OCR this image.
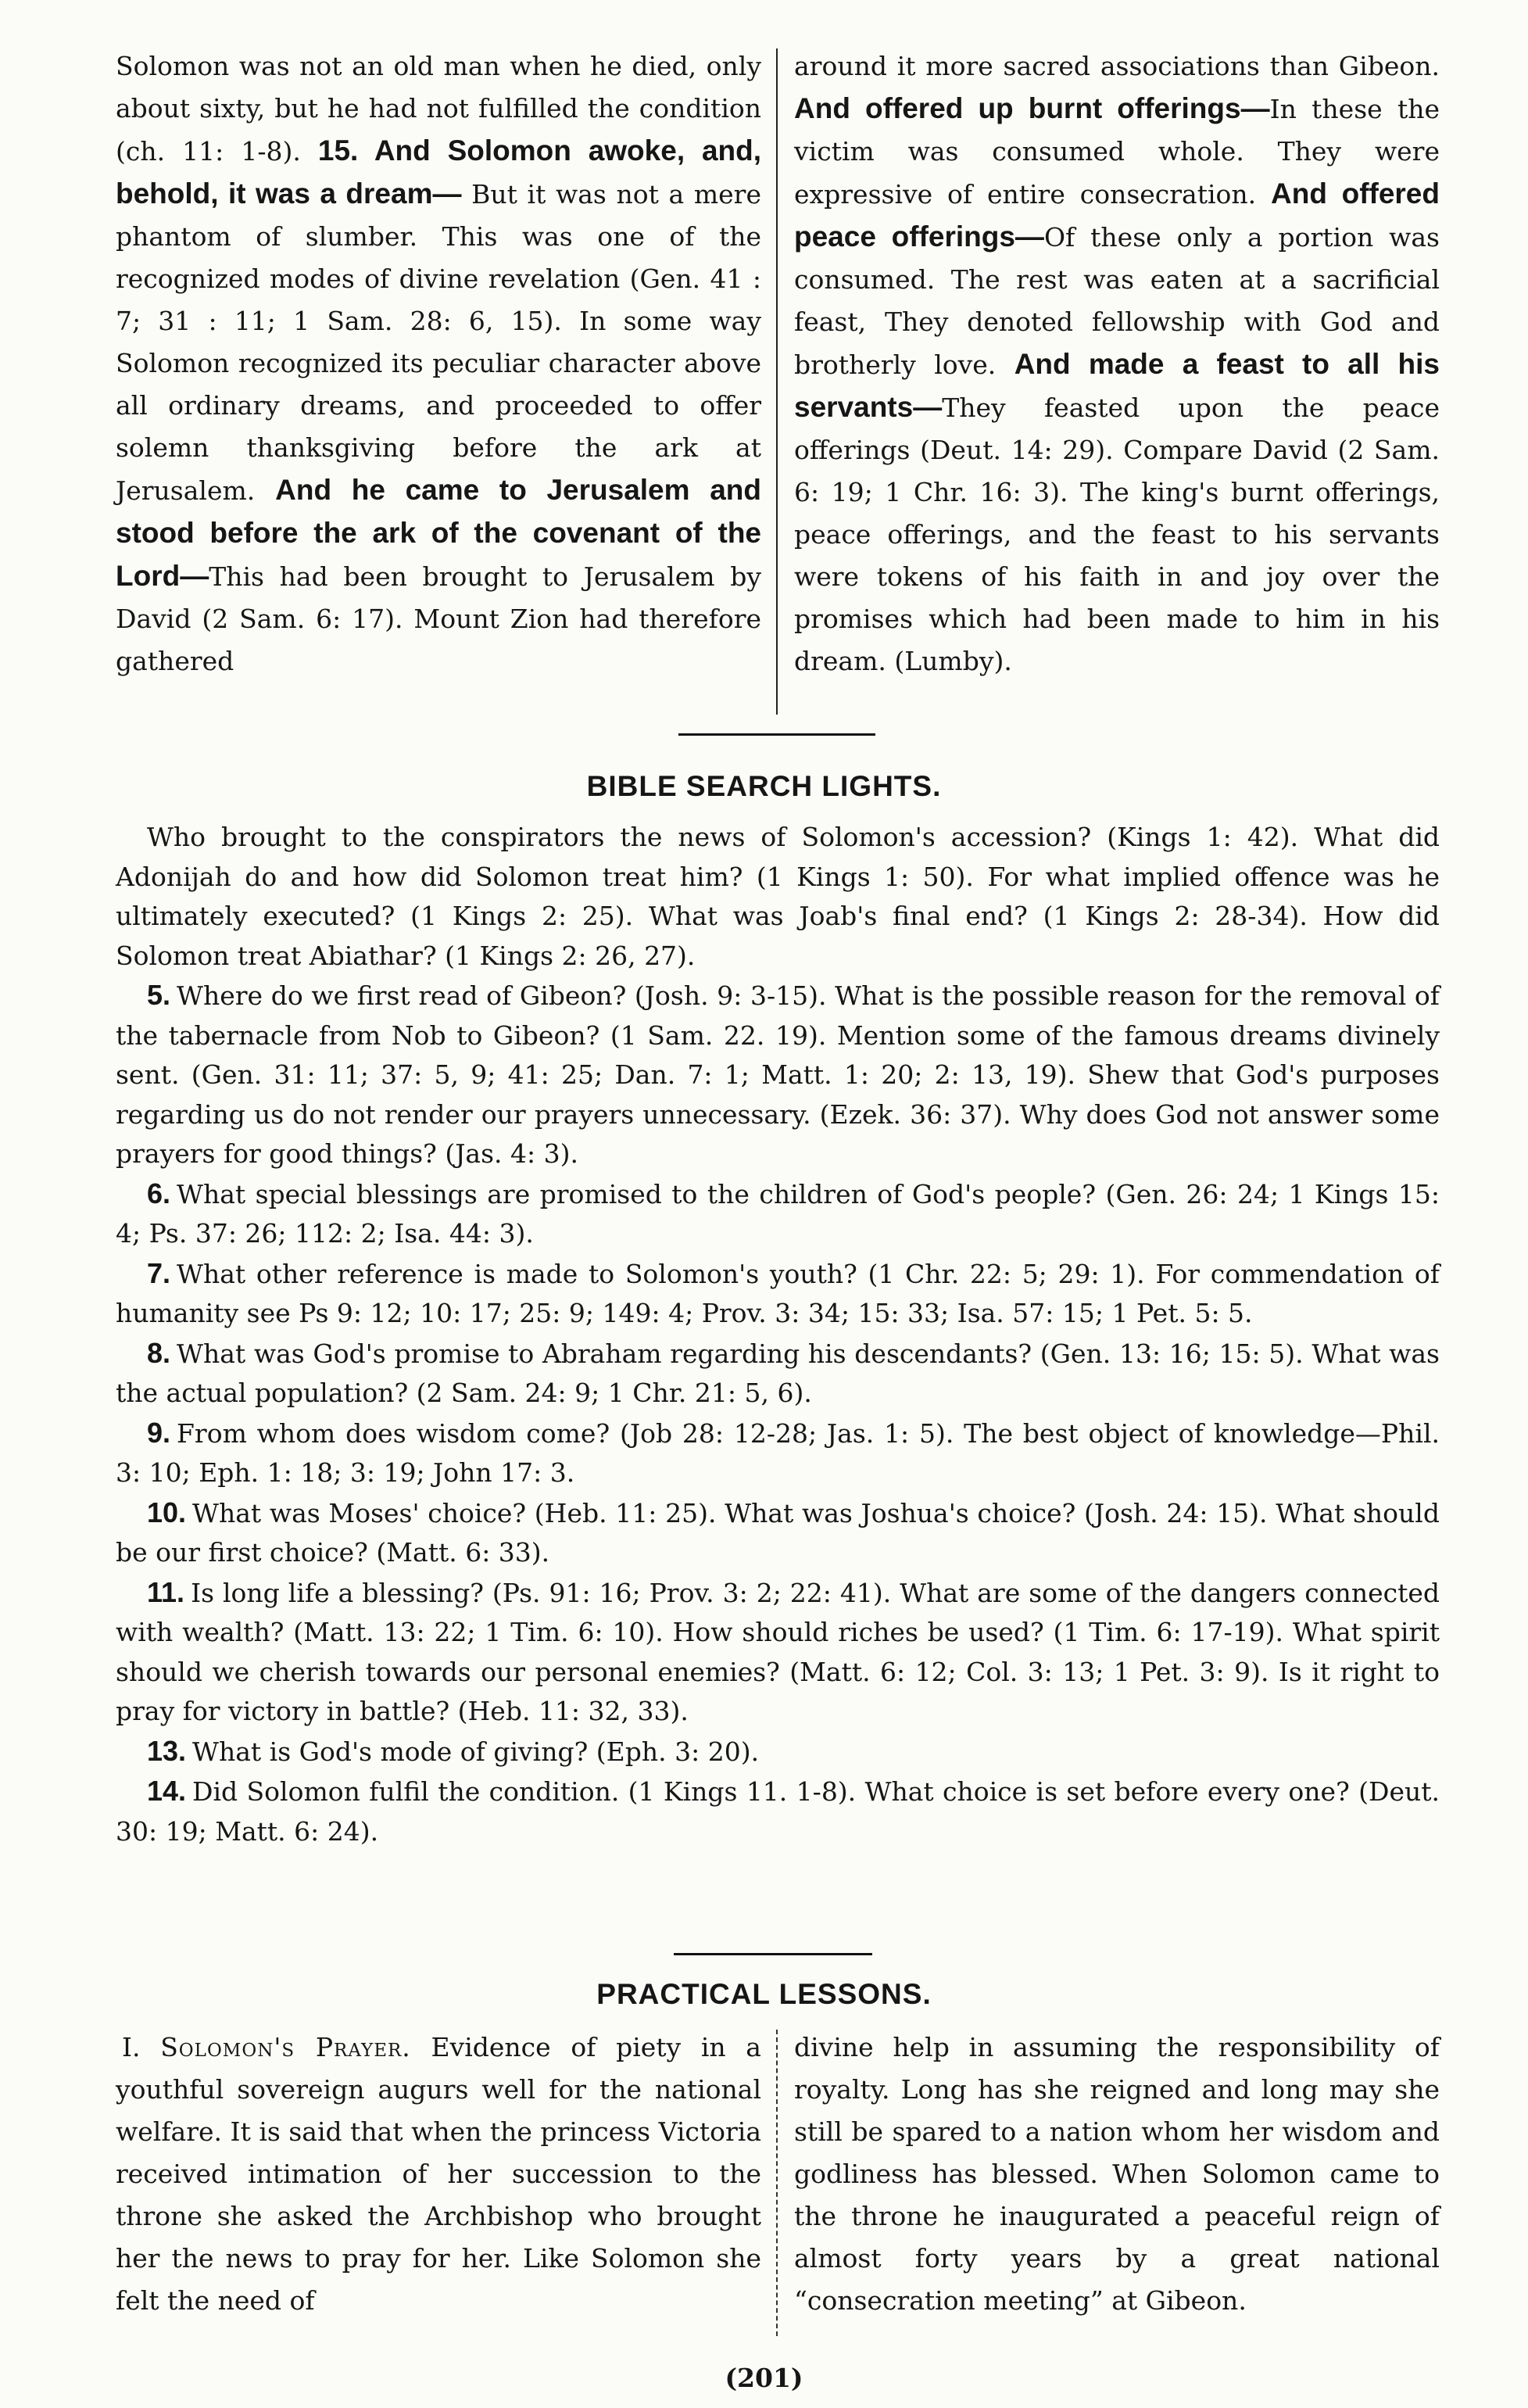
Solomon was not an old man when he died, only about sixty, but he had not fulfilled the condition (ch. 11: 1-8). 15. And Solomon awoke, and, behold, it was a dream— But it was not a mere phantom of slumber. This was one of the recognized modes of divine revelation (Gen. 41 : 7; 31 : 11; 1 Sam. 28: 6, 15). In some way Solomon recognized its peculiar character above all ordinary dreams, and proceeded to offer solemn thanksgiving before the ark at Jerusalem. And he came to Jerusalem and stood before the ark of the covenant of the Lord—This had been brought to Jerusalem by David (2 Sam. 6: 17). Mount Zion had therefore gathered

around it more sacred associations than Gibeon. And offered up burnt offerings—In these the victim was consumed whole. They were expressive of entire consecration. And offered peace offerings—Of these only a portion was consumed. The rest was eaten at a sacrificial feast, They denoted fellowship with God and brotherly love. And made a feast to all his servants—They feasted upon the peace offerings (Deut. 14: 29). Compare David (2 Sam. 6: 19; 1 Chr. 16: 3). The king's burnt offerings, peace offerings, and the feast to his servants were tokens of his faith in and joy over the promises which had been made to him in his dream. (Lumby).

BIBLE SEARCH LIGHTS.

Who brought to the conspirators the news of Solomon's accession? (Kings 1: 42). What did Adonijah do and how did Solomon treat him? (1 Kings 1: 50). For what implied offence was he ultimately executed? (1 Kings 2: 25). What was Joab's final end? (1 Kings 2: 28-34). How did Solomon treat Abiathar? (1 Kings 2: 26, 27).

5. Where do we first read of Gibeon? (Josh. 9: 3-15). What is the possible reason for the removal of the tabernacle from Nob to Gibeon? (1 Sam. 22. 19). Mention some of the famous dreams divinely sent. (Gen. 31: 11; 37: 5, 9; 41: 25; Dan. 7: 1; Matt. 1: 20; 2: 13, 19). Shew that God's purposes regarding us do not render our prayers unnecessary. (Ezek. 36: 37). Why does God not answer some prayers for good things? (Jas. 4: 3).

6. What special blessings are promised to the children of God's people? (Gen. 26: 24; 1 Kings 15: 4; Ps. 37: 26; 112: 2; Isa. 44: 3).

7. What other reference is made to Solomon's youth? (1 Chr. 22: 5; 29: 1). For commendation of humanity see Ps 9: 12; 10: 17; 25: 9; 149: 4; Prov. 3: 34; 15: 33; Isa. 57: 15; 1 Pet. 5: 5.

8. What was God's promise to Abraham regarding his descendants? (Gen. 13: 16; 15: 5). What was the actual population? (2 Sam. 24: 9; 1 Chr. 21: 5, 6).

9. From whom does wisdom come? (Job 28: 12-28; Jas. 1: 5). The best object of knowledge—Phil. 3: 10; Eph. 1: 18; 3: 19; John 17: 3.

10. What was Moses' choice? (Heb. 11: 25). What was Joshua's choice? (Josh. 24: 15). What should be our first choice? (Matt. 6: 33).

11. Is long life a blessing? (Ps. 91: 16; Prov. 3: 2; 22: 41). What are some of the dangers connected with wealth? (Matt. 13: 22; 1 Tim. 6: 10). How should riches be used? (1 Tim. 6: 17-19). What spirit should we cherish towards our personal enemies? (Matt. 6: 12; Col. 3: 13; 1 Pet. 3: 9). Is it right to pray for victory in battle? (Heb. 11: 32, 33).

13. What is God's mode of giving? (Eph. 3: 20).

14. Did Solomon fulfil the condition. (1 Kings 11. 1-8). What choice is set before every one? (Deut. 30: 19; Matt. 6: 24).

PRACTICAL LESSONS.

I. Solomon's Prayer. Evidence of piety in a youthful sovereign augurs well for the national welfare. It is said that when the princess Victoria received intimation of her succession to the throne she asked the Archbishop who brought her the news to pray for her. Like Solomon she felt the need of

divine help in assuming the responsibility of royalty. Long has she reigned and long may she still be spared to a nation whom her wisdom and godliness has blessed. When Solomon came to the throne he inaugurated a peaceful reign of almost forty years by a great national “consecration meeting” at Gibeon.

(201)
